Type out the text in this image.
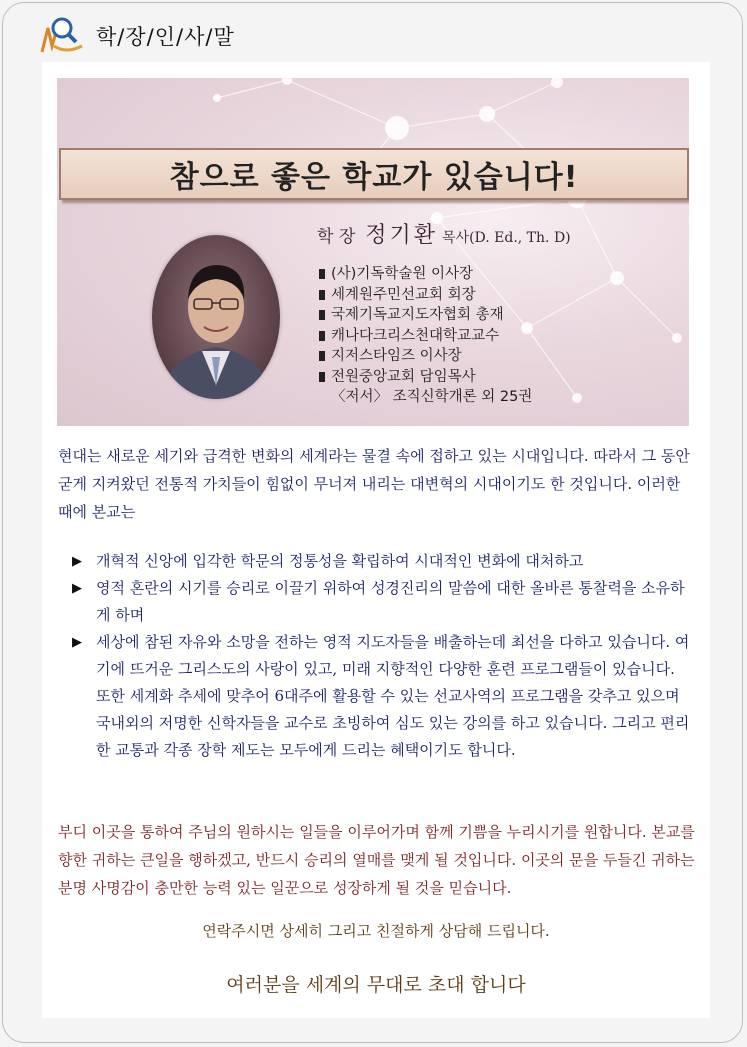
학/장/인/사/말
참으로 좋은 학교가 있습니다!
학 장 정기환 목사(D. Ed., Th. D)
(사)기독학술원 이사장
세계원주민선교회 회장
국제기독교지도자협회 총재
캐나다크리스천대학교교수
지저스타임즈 이사장
전원중앙교회 담임목사
〈저서〉 조직신학개론 외 25권

현대는 새로운 세기와 급격한 변화의 세계라는 물결 속에 접하고 있는 시대입니다. 따라서 그 동안 굳게 지켜왔던 전통적 가치들이 힘없이 무너져 내리는 대변혁의 시대이기도 한 것입니다. 이러한 때에 본교는

▶ 개혁적 신앙에 입각한 학문의 정통성을 확립하여 시대적인 변화에 대처하고
▶ 영적 혼란의 시기를 승리로 이끌기 위하여 성경진리의 말씀에 대한 올바른 통찰력을 소유하게 하며
▶ 세상에 참된 자유와 소망을 전하는 영적 지도자들을 배출하는데 최선을 다하고 있습니다. 여기에 뜨거운 그리스도의 사랑이 있고, 미래 지향적인 다양한 훈련 프로그램들이 있습니다. 또한 세계화 추세에 맞추어 6대주에 활용할 수 있는 선교사역의 프로그램을 갖추고 있으며 국내외의 저명한 신학자들을 교수로 초빙하여 심도 있는 강의를 하고 있습니다. 그리고 편리한 교통과 각종 장학 제도는 모두에게 드리는 혜택이기도 합니다.

부디 이곳을 통하여 주님의 원하시는 일들을 이루어가며 함께 기쁨을 누리시기를 원합니다. 본교를 향한 귀하는 큰일을 행하겠고, 반드시 승리의 열매를 맺게 될 것입니다. 이곳의 문을 두들긴 귀하는 분명 사명감이 충만한 능력 있는 일꾼으로 성장하게 될 것을 믿습니다.

연락주시면 상세히 그리고 친절하게 상담해 드립니다.
여러분을 세계의 무대로 초대 합니다
